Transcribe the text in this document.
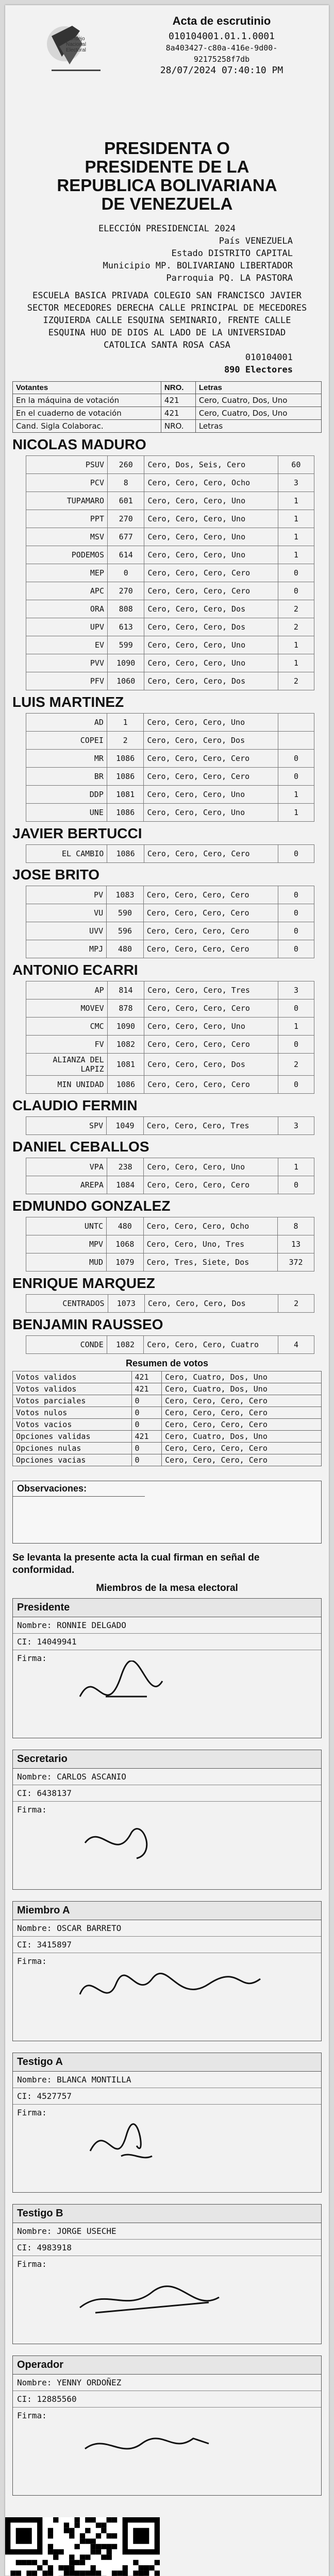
Consejo Nacional Electoral
Acta de escrutinio
010104001.01.1.0001
8a403427-c80a-416e-9d00-92175258f7db
28/07/2024 07:40:10 PM
PRESIDENTA O PRESIDENTE DE LA REPUBLICA BOLIVARIANA DE VENEZUELA
ELECCIÓN PRESIDENCIAL 2024
País VENEZUELA
Estado DISTRITO CAPITAL
Municipio MP. BOLIVARIANO LIBERTADOR
Parroquia PQ. LA PASTORA
ESCUELA BASICA PRIVADA COLEGIO SAN FRANCISCO JAVIER
SECTOR MECEDORES DERECHA CALLE PRINCIPAL DE MECEDORES IZQUIERDA CALLE ESQUINA SEMINARIO, FRENTE CALLE ESQUINA HUO DE DIOS AL LADO DE LA UNIVERSIDAD CATOLICA SANTA ROSA CASA
010104001
890 Electores
Votantes	NRO.	Letras
En la máquina de votación	421	Cero, Cuatro, Dos, Uno
En el cuaderno de votación	421	Cero, Cuatro, Dos, Uno
Cand. Sigla Colaborac.	NRO.	Letras
NICOLAS MADURO
PSUV	260	Cero, Dos, Seis, Cero	60
PCV	8	Cero, Cero, Cero, Ocho	3
TUPAMARO	601	Cero, Cero, Cero, Uno	1
PPT	270	Cero, Cero, Cero, Uno	1
MSV	677	Cero, Cero, Cero, Uno	1
PODEMOS	614	Cero, Cero, Cero, Uno	1
MEP	0	Cero, Cero, Cero, Cero	0
APC	270	Cero, Cero, Cero, Cero	0
ORA	808	Cero, Cero, Cero, Dos	2
UPV	613	Cero, Cero, Cero, Dos	2
EV	599	Cero, Cero, Cero, Uno	1
PVV	1090	Cero, Cero, Cero, Uno	1
PFV	1060	Cero, Cero, Cero, Dos	2
LUIS MARTINEZ
AD	1	Cero, Cero, Cero, Uno	
COPEI	2	Cero, Cero, Cero, Dos	
MR	1086	Cero, Cero, Cero, Cero	0
BR	1086	Cero, Cero, Cero, Cero	0
DDP	1081	Cero, Cero, Cero, Uno	1
UNE	1086	Cero, Cero, Cero, Uno	1
JAVIER BERTUCCI
EL CAMBIO	1086	Cero, Cero, Cero, Cero	0
JOSE BRITO
PV	1083	Cero, Cero, Cero, Cero	0
VU	590	Cero, Cero, Cero, Cero	0
UVV	596	Cero, Cero, Cero, Cero	0
MPJ	480	Cero, Cero, Cero, Cero	0
ANTONIO ECARRI
AP	814	Cero, Cero, Cero, Tres	3
MOVEV	878	Cero, Cero, Cero, Cero	0
CMC	1090	Cero, Cero, Cero, Uno	1
FV	1082	Cero, Cero, Cero, Cero	0
ALIANZA DEL LAPIZ	1081	Cero, Cero, Cero, Dos	2
MIN UNIDAD	1086	Cero, Cero, Cero, Cero	0
CLAUDIO FERMIN
SPV	1049	Cero, Cero, Cero, Tres	3
DANIEL CEBALLOS
VPA	238	Cero, Cero, Cero, Uno	1
AREPA	1084	Cero, Cero, Cero, Cero	0
EDMUNDO GONZALEZ
UNTC	480	Cero, Cero, Cero, Ocho	8
MPV	1068	Cero, Cero, Uno, Tres	13
MUD	1079	Cero, Tres, Siete, Dos	372
ENRIQUE MARQUEZ
CENTRADOS	1073	Cero, Cero, Cero, Dos	2
BENJAMIN RAUSSEO
CONDE	1082	Cero, Cero, Cero, Cuatro	4
Resumen de votos
Votos validos	421	Cero, Cuatro, Dos, Uno
Votos validos	421	Cero, Cuatro, Dos, Uno
Votos parciales	0	Cero, Cero, Cero, Cero
Votos nulos	0	Cero, Cero, Cero, Cero
Votos vacios	0	Cero, Cero, Cero, Cero
Opciones validas	421	Cero, Cuatro, Dos, Uno
Opciones nulas	0	Cero, Cero, Cero, Cero
Opciones vacias	0	Cero, Cero, Cero, Cero
Observaciones:
Se levanta la presente acta la cual firman en señal de conformidad.
Miembros de la mesa electoral
Presidente
Nombre: RONNIE DELGADO
CI: 14049941
Firma:
Secretario
Nombre: CARLOS ASCANIO
CI: 6438137
Firma:
Miembro A
Nombre: OSCAR BARRETO
CI: 3415897
Firma:
Testigo A
Nombre: BLANCA MONTILLA
CI: 4527757
Firma:
Testigo B
Nombre: JORGE USECHE
CI: 4983918
Firma:
Operador
Nombre: YENNY ORDOÑEZ
CI: 12885560
Firma:
